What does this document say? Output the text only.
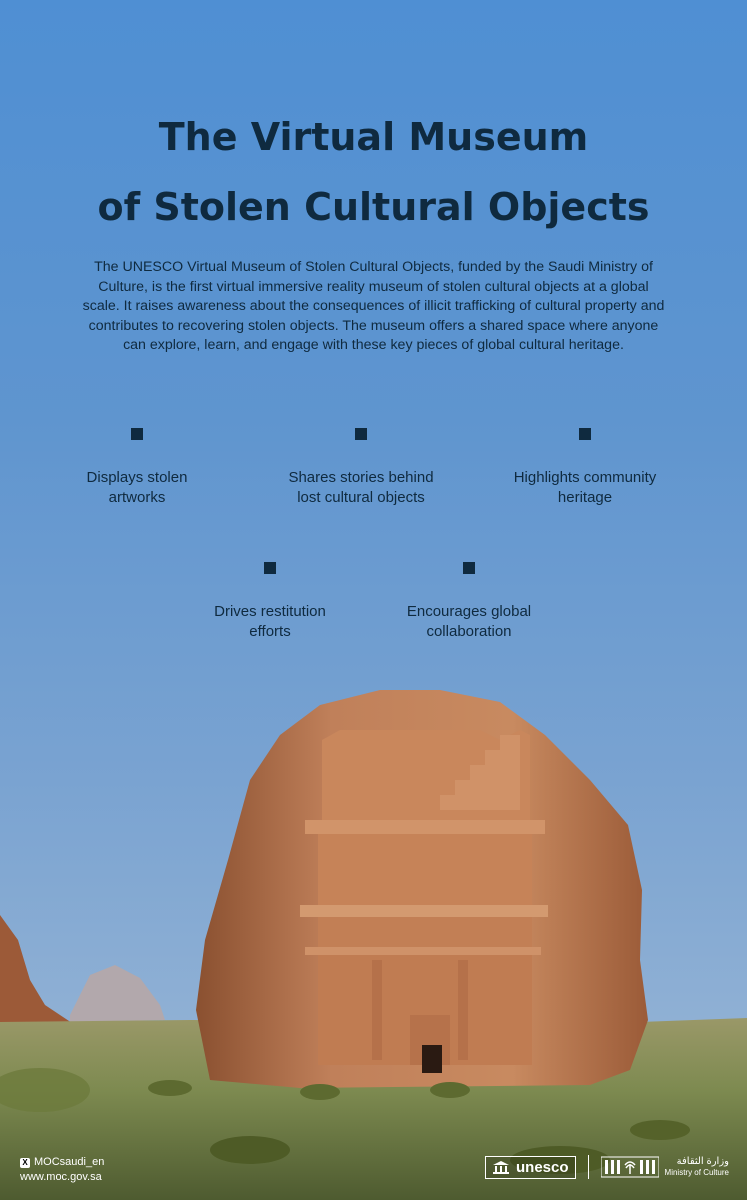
The Virtual Museum
of Stolen Cultural Objects
The UNESCO Virtual Museum of Stolen Cultural Objects, funded by the Saudi Ministry of Culture, is the first virtual immersive reality museum of stolen cultural objects at a global scale. It raises awareness about the consequences of illicit trafficking of cultural property and contributes to recovering stolen objects. The museum offers a shared space where anyone can explore, learn, and engage with these key pieces of global cultural heritage.
Displays stolen
artworks
Shares stories behind
lost cultural objects
Highlights community
heritage
Drives restitution
efforts
Encourages global
collaboration
X MOCsaudi_en
www.moc.gov.sa
unesco	وزارة الثقافة
Ministry of Culture
